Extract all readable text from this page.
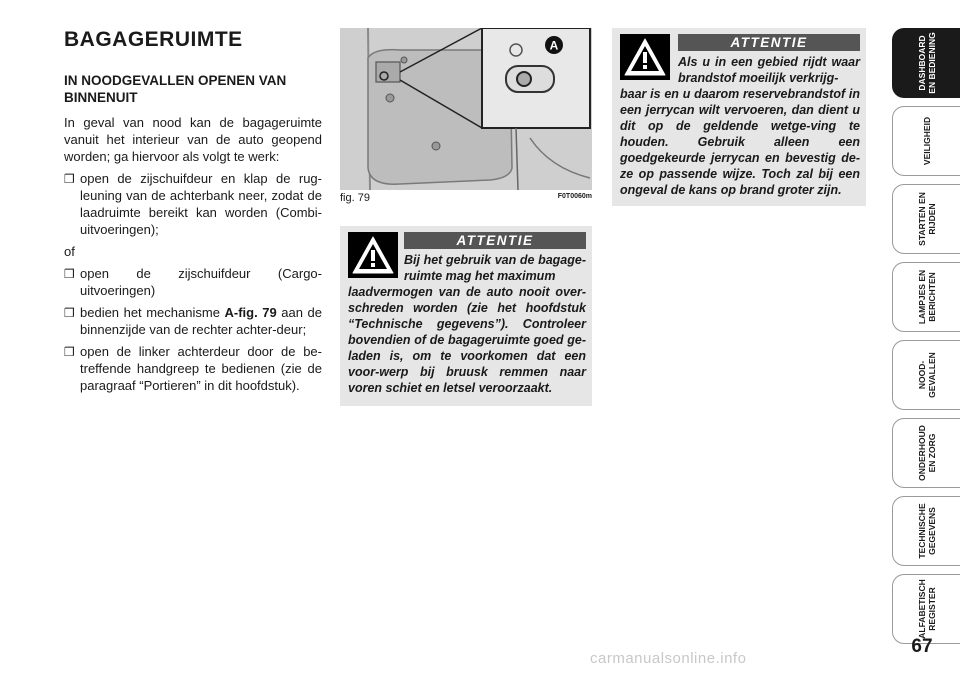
BAGAGERUIMTE
IN NOODGEVALLEN OPENEN VAN BINNENUIT

In geval van nood kan de bagageruimte vanuit het interieur van de auto geopend worden; ga hiervoor als volgt te werk:

❒ open de zijschuifdeur en klap de rug-leuning van de achterbank neer, zodat de laadruimte bereikt kan worden (Combi-uitvoeringen);

of

❒ open de zijschuifdeur (Cargo-uitvoeringen)
❒ bedien het mechanisme A-fig. 79 aan de binnenzijde van de rechter achter-deur;
❒ open de linker achterdeur door de be-treffende handgreep te bedienen (zie de paragraaf “Portieren” in dit hoofdstuk).
A
fig. 79	F0T0060m
ATTENTIE
Bij het gebruik van de bagage-ruimte mag het maximum
laadvermogen van de auto nooit over-schreden worden (zie het hoofdstuk “Technische gegevens”). Controleer bovendien of de bagageruimte goed ge-laden is, om te voorkomen dat een voor-werp bij bruusk remmen naar voren schiet en letsel veroorzaakt.
ATTENTIE
Als u in een gebied rijdt waar brandstof moeilijk verkrijg-
baar is en u daarom reservebrandstof in een jerrycan wilt vervoeren, dan dient u dit op de geldende wetge-ving te houden. Gebruik alleen een goedgekeurde jerrycan en bevestig de-ze op passende wijze. Toch zal bij een ongeval de kans op brand groter zijn.
DASHBOARD
EN BEDIENING
VEILIGHEID
STARTEN EN
RIJDEN
LAMPJES EN
BERICHTEN
NOOD-
GEVALLEN
ONDERHOUD
EN ZORG
TECHNISCHE
GEGEVENS
ALFABETISCH
REGISTER
67
carmanualsonline.info
